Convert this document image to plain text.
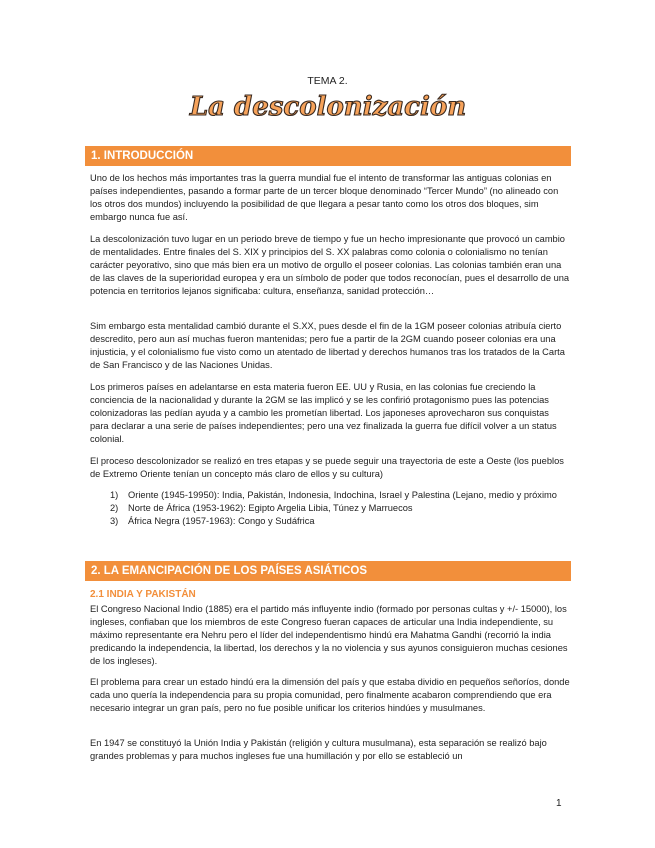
TEMA 2.
La descolonización
1. INTRODUCCIÓN

Uno de los hechos más importantes tras la guerra mundial fue el intento de transformar las antiguas colonias en países independientes, pasando a formar parte de un tercer bloque denominado “Tercer Mundo” (no alineado con los otros dos mundos) incluyendo la posibilidad de que llegara a pesar tanto como los otros dos bloques, sim embargo nunca fue así.

La descolonización tuvo lugar en un periodo breve de tiempo y fue un hecho impresionante que provocó un cambio de mentalidades. Entre finales del S. XIX y principios del S. XX palabras como colonia o colonialismo no tenían carácter peyorativo, sino que más bien era un motivo de orgullo el poseer colonias. Las colonias también eran una de las claves de la superioridad europea y era un símbolo de poder que todos reconocían, pues el desarrollo de una potencia en territorios lejanos significaba: cultura, enseñanza, sanidad protección…

Sim embargo esta mentalidad cambió durante el S.XX, pues desde el fin de la 1GM poseer colonias atribuía cierto descredito, pero aun así muchas fueron mantenidas; pero fue a partir de la 2GM cuando poseer colonias era una injusticia, y el colonialismo fue visto como un atentado de libertad y derechos humanos tras los tratados de la Carta de San Francisco y de las Naciones Unidas.

Los primeros países en adelantarse en esta materia fueron EE. UU y Rusia, en las colonias fue creciendo la conciencia de la nacionalidad y durante la 2GM se las implicó y se les confirió protagonismo pues las potencias colonizadoras las pedían ayuda y a cambio les prometían libertad. Los japoneses aprovecharon sus conquistas para declarar a una serie de países independientes; pero una vez finalizada la guerra fue difícil volver a un status colonial.

El proceso descolonizador se realizó en tres etapas y se puede seguir una trayectoria de este a Oeste (los pueblos de Extremo Oriente tenían un concepto más claro de ellos y su cultura)

1) Oriente (1945-19950): India, Pakistán, Indonesia, Indochina, Israel y Palestina (Lejano, medio y próximo
2) Norte de África (1953-1962): Egipto Argelia Libia, Túnez y Marruecos
3) África Negra (1957-1963): Congo y Sudáfrica
2. LA EMANCIPACIÓN DE LOS PAÍSES ASIÁTICOS
2.1 INDIA Y PAKISTÁN

El Congreso Nacional Indio (1885) era el partido más influyente indio (formado por personas cultas y +/- 15000), los ingleses, confiaban que los miembros de este Congreso fueran capaces de articular una India independiente, su máximo representante era Nehru pero el líder del independentismo hindú era Mahatma Gandhi (recorrió la india predicando la independencia, la libertad, los derechos y la no violencia y sus ayunos consiguieron muchas cesiones de los ingleses).

El problema para crear un estado hindú era la dimensión del país y que estaba dividio en pequeños señoríos, donde cada uno quería la independencia para su propia comunidad, pero finalmente acabaron comprendiendo que era necesario integrar un gran país, pero no fue posible unificar los criterios hindúes y musulmanes.

En 1947 se constituyó la Unión India y Pakistán (religión y cultura musulmana), esta separación se realizó bajo grandes problemas y para muchos ingleses fue una humillación y por ello se estableció un

1
